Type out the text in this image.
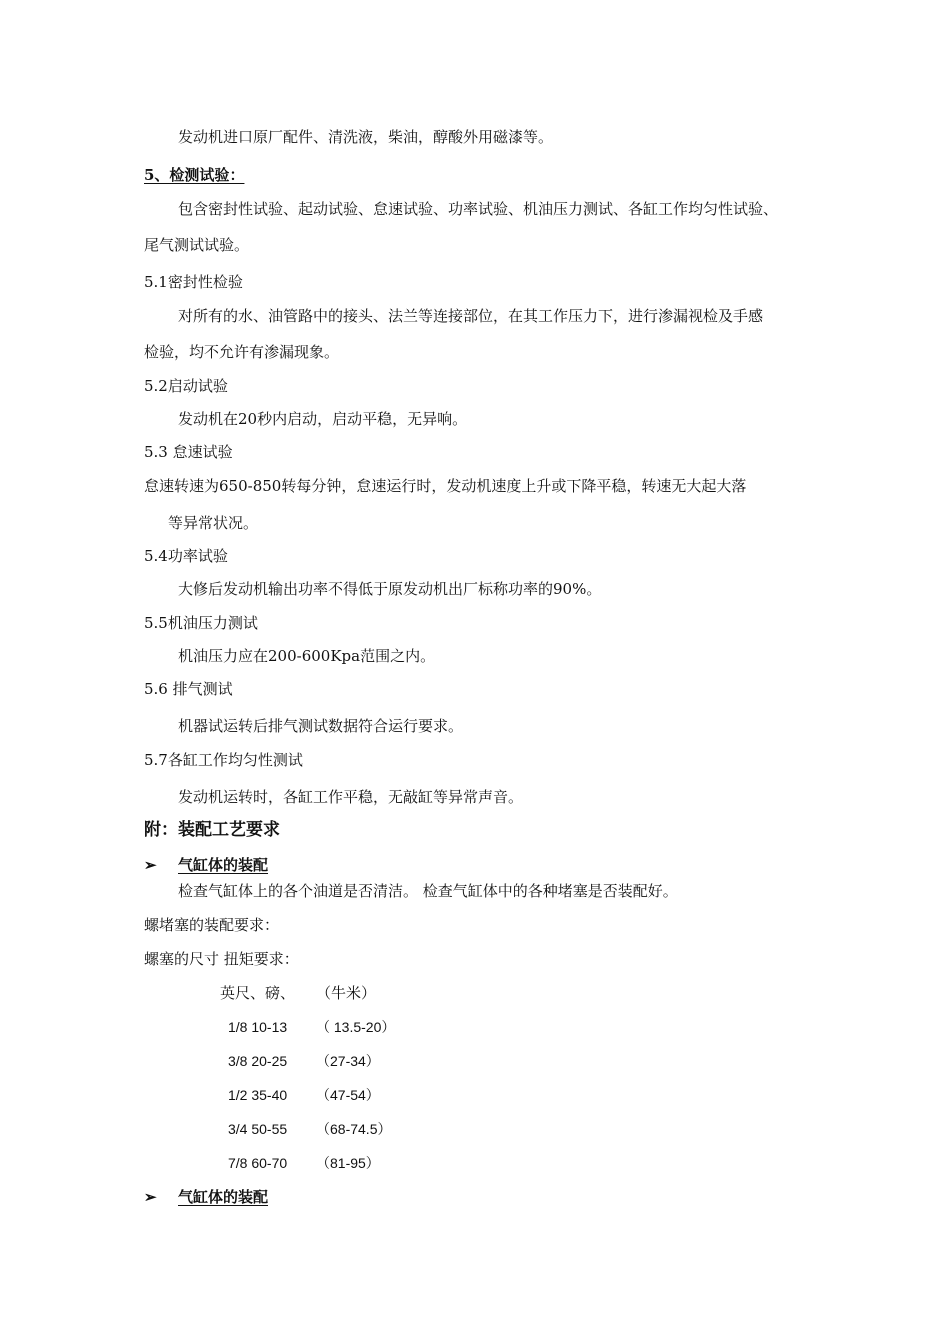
发动机进口原厂配件、清洗液，柴油，醇酸外用磁漆等。
5、检测试验：
包含密封性试验、起动试验、怠速试验、功率试验、机油压力测试、各缸工作均匀性试验、
尾气测试试验。
5.1密封性检验
对所有的水、油管路中的接头、法兰等连接部位，在其工作压力下，进行渗漏视检及手感
检验，均不允许有渗漏现象。
5.2启动试验
发动机在20秒内启动，启动平稳，无异响。
5.3 怠速试验
怠速转速为650-850转每分钟，怠速运行时，发动机速度上升或下降平稳，转速无大起大落
等异常状况。
5.4功率试验
大修后发动机输出功率不得低于原发动机出厂标称功率的90%。
5.5机油压力测试
机油压力应在200-600Kpa范围之内。
5.6 排气测试
机器试运转后排气测试数据符合运行要求。
5.7各缸工作均匀性测试
发动机运转时，各缸工作平稳，无敲缸等异常声音。
附：装配工艺要求
➢ 气缸体的装配
检查气缸体上的各个油道是否清洁。 检查气缸体中的各种堵塞是否装配好。
螺堵塞的装配要求：
螺塞的尺寸 扭矩要求：
英尺、磅、 （牛米）
1/8 10-13 （ 13.5-20）
3/8 20-25 （27-34）
1/2 35-40 （47-54）
3/4 50-55 （68-74.5）
7/8 60-70 （81-95）
➢ 气缸体的装配
